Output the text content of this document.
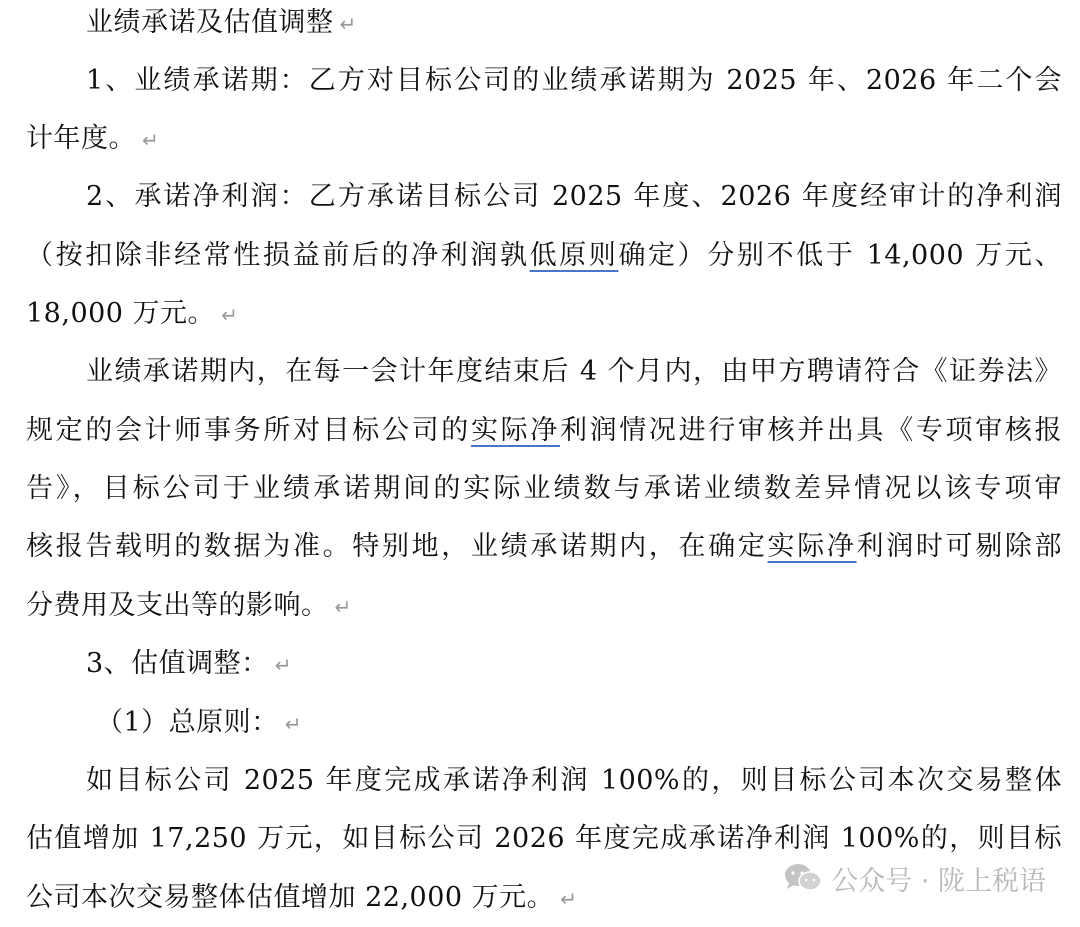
业绩承诺及估值调整 ↵
1、业绩承诺期：乙方对目标公司的业绩承诺期为 2025 年、2026 年二个会
计年度。 ↵
2、承诺净利润：乙方承诺目标公司 2025 年度、2026 年度经审计的净利润
（按扣除非经常性损益前后的净利润孰低原则确定）分别不低于 14,000 万元、
18,000 万元。 ↵
业绩承诺期内，在每一会计年度结束后 4 个月内，由甲方聘请符合《证券法》
规定的会计师事务所对目标公司的实际净利润情况进行审核并出具《专项审核报
告》，目标公司于业绩承诺期间的实际业绩数与承诺业绩数差异情况以该专项审
核报告载明的数据为准。特别地，业绩承诺期内，在确定实际净利润时可剔除部
分费用及支出等的影响。 ↵
3、估值调整： ↵
（1）总原则： ↵
如目标公司 2025 年度完成承诺净利润 100%的，则目标公司本次交易整体
估值增加 17,250 万元，如目标公司 2026 年度完成承诺净利润 100%的，则目标
公司本次交易整体估值增加 22,000 万元。 ↵
公众号 · 陇上税语
